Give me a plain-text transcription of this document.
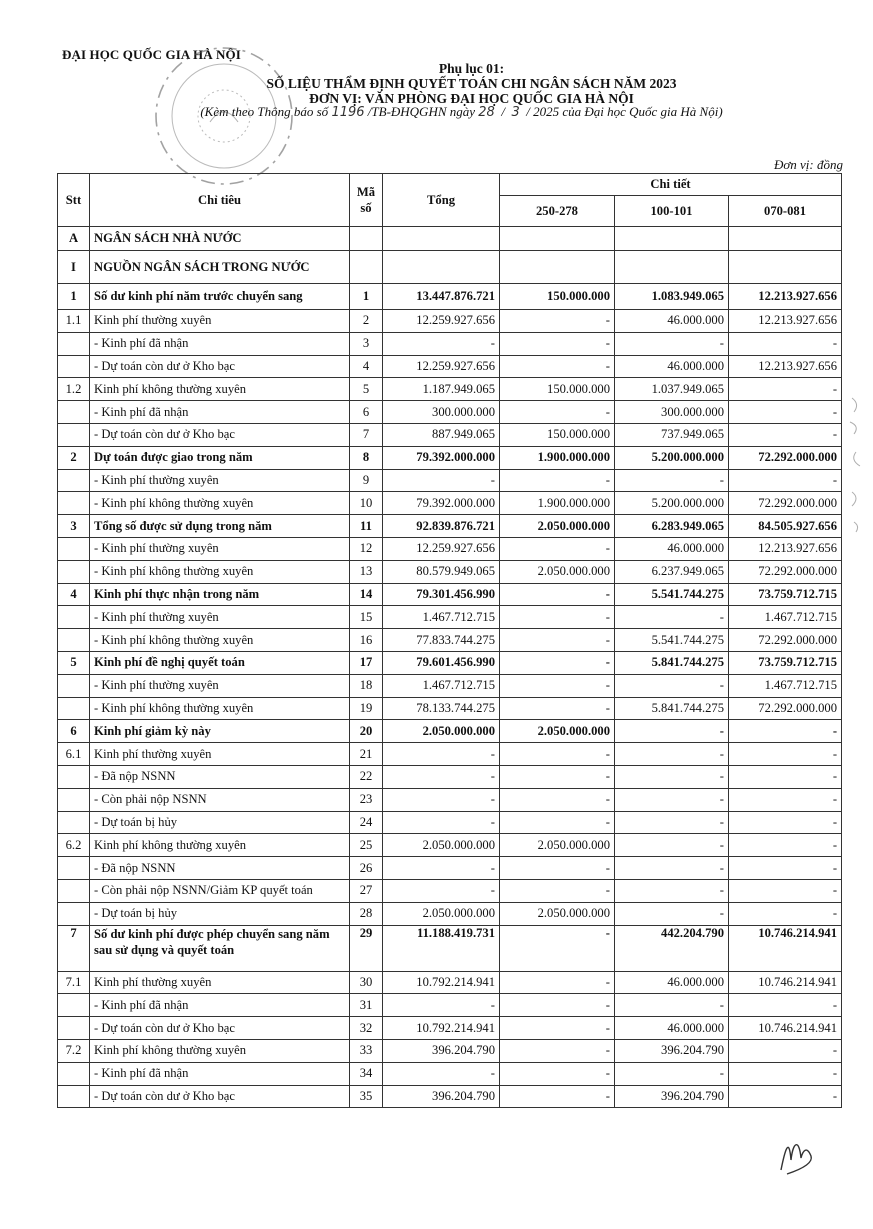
ĐẠI HỌC QUỐC GIA HÀ NỘI
Phụ lục 01:
SỐ LIỆU THẨM ĐỊNH QUYẾT TOÁN CHI NGÂN SÁCH NĂM 2023
ĐƠN VỊ: VĂN PHÒNG ĐẠI HỌC QUỐC GIA HÀ NỘI
(Kèm theo Thông báo số 1196 /TB-ĐHQGHN ngày 28  /  3 / 2025 của Đại học Quốc gia Hà Nội)
Đơn vị: đồng
Stt	Chỉ tiêu	Mã số	Tổng	Chi tiết		
				250-278	100-101	070-081
A	NGÂN SÁCH NHÀ NƯỚC					
I	NGUỒN NGÂN SÁCH TRONG NƯỚC					
1	Số dư kinh phí năm trước chuyển sang	1	13.447.876.721	150.000.000	1.083.949.065	12.213.927.656
1.1	Kinh phí thường xuyên	2	12.259.927.656	-	46.000.000	12.213.927.656
	- Kinh phí đã nhận	3	-	-	-	-
	- Dự toán còn dư ở Kho bạc	4	12.259.927.656	-	46.000.000	12.213.927.656
1.2	Kinh phí không thường xuyên	5	1.187.949.065	150.000.000	1.037.949.065	-
	- Kinh phí đã nhận	6	300.000.000	-	300.000.000	-
	- Dự toán còn dư ở Kho bạc	7	887.949.065	150.000.000	737.949.065	-
2	Dự toán được giao trong năm	8	79.392.000.000	1.900.000.000	5.200.000.000	72.292.000.000
	- Kinh phí thường xuyên	9	-	-	-	-
	- Kinh phí không thường xuyên	10	79.392.000.000	1.900.000.000	5.200.000.000	72.292.000.000
3	Tổng số được sử dụng trong năm	11	92.839.876.721	2.050.000.000	6.283.949.065	84.505.927.656
	- Kinh phí thường xuyên	12	12.259.927.656	-	46.000.000	12.213.927.656
	- Kinh phí không thường xuyên	13	80.579.949.065	2.050.000.000	6.237.949.065	72.292.000.000
4	Kinh phí thực nhận trong năm	14	79.301.456.990	-	5.541.744.275	73.759.712.715
	- Kinh phí thường xuyên	15	1.467.712.715	-	-	1.467.712.715
	- Kinh phí không thường xuyên	16	77.833.744.275	-	5.541.744.275	72.292.000.000
5	Kinh phí đề nghị quyết toán	17	79.601.456.990	-	5.841.744.275	73.759.712.715
	- Kinh phí thường xuyên	18	1.467.712.715	-	-	1.467.712.715
	- Kinh phí không thường xuyên	19	78.133.744.275	-	5.841.744.275	72.292.000.000
6	Kinh phí giảm kỳ này	20	2.050.000.000	2.050.000.000	-	-
6.1	Kinh phí thường xuyên	21	-	-	-	-
	- Đã nộp NSNN	22	-	-	-	-
	- Còn phải nộp NSNN	23	-	-	-	-
	- Dự toán bị hủy	24	-	-	-	-
6.2	Kinh phí không thường xuyên	25	2.050.000.000	2.050.000.000	-	-
	- Đã nộp NSNN	26	-	-	-	-
	- Còn phải nộp NSNN/Giảm KP quyết toán	27	-	-	-	-
	- Dự toán bị hủy	28	2.050.000.000	2.050.000.000	-	-
7	Số dư kinh phí được phép chuyển sang năm sau sử dụng và quyết toán	29	11.188.419.731	-	442.204.790	10.746.214.941
7.1	Kinh phí thường xuyên	30	10.792.214.941	-	46.000.000	10.746.214.941
	- Kinh phí đã nhận	31	-	-	-	-
	- Dự toán còn dư ở Kho bạc	32	10.792.214.941	-	46.000.000	10.746.214.941
7.2	Kinh phí không thường xuyên	33	396.204.790	-	396.204.790	-
	- Kinh phí đã nhận	34	-	-	-	-
	- Dự toán còn dư ở Kho bạc	35	396.204.790	-	396.204.790	-
